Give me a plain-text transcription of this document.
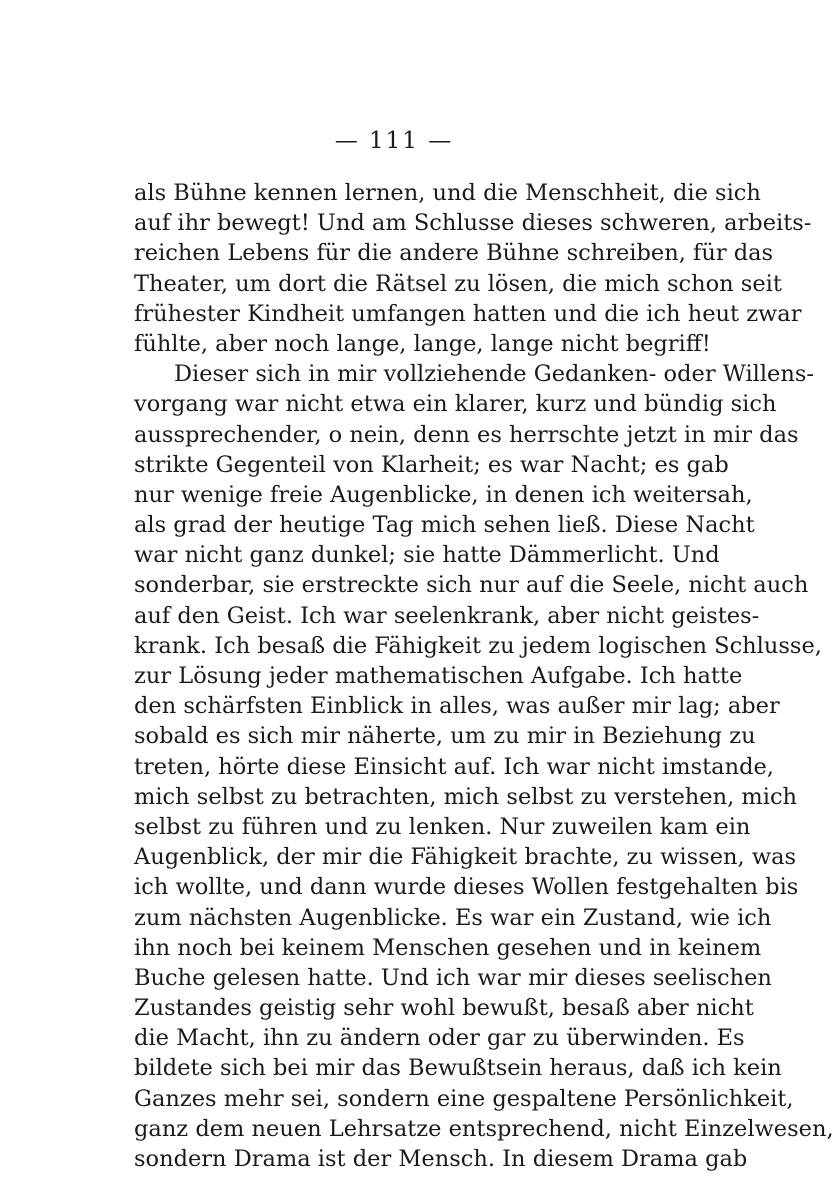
— 111 —
als Bühne kennen lernen, und die Menschheit, die sich
auf ihr bewegt! Und am Schlusse dieses schweren, arbeits-
reichen Lebens für die andere Bühne schreiben, für das
Theater, um dort die Rätsel zu lösen, die mich schon seit
frühester Kindheit umfangen hatten und die ich heut zwar
fühlte, aber noch lange, lange, lange nicht begriff!
Dieser sich in mir vollziehende Gedanken- oder Willens-
vorgang war nicht etwa ein klarer, kurz und bündig sich
aussprechender, o nein, denn es herrschte jetzt in mir das
strikte Gegenteil von Klarheit; es war Nacht; es gab
nur wenige freie Augenblicke, in denen ich weitersah,
als grad der heutige Tag mich sehen ließ. Diese Nacht
war nicht ganz dunkel; sie hatte Dämmerlicht. Und
sonderbar, sie erstreckte sich nur auf die Seele, nicht auch
auf den Geist. Ich war seelenkrank, aber nicht geistes-
krank. Ich besaß die Fähigkeit zu jedem logischen Schlusse,
zur Lösung jeder mathematischen Aufgabe. Ich hatte
den schärfsten Einblick in alles, was außer mir lag; aber
sobald es sich mir näherte, um zu mir in Beziehung zu
treten, hörte diese Einsicht auf. Ich war nicht imstande,
mich selbst zu betrachten, mich selbst zu verstehen, mich
selbst zu führen und zu lenken. Nur zuweilen kam ein
Augenblick, der mir die Fähigkeit brachte, zu wissen, was
ich wollte, und dann wurde dieses Wollen festgehalten bis
zum nächsten Augenblicke. Es war ein Zustand, wie ich
ihn noch bei keinem Menschen gesehen und in keinem
Buche gelesen hatte. Und ich war mir dieses seelischen
Zustandes geistig sehr wohl bewußt, besaß aber nicht
die Macht, ihn zu ändern oder gar zu überwinden. Es
bildete sich bei mir das Bewußtsein heraus, daß ich kein
Ganzes mehr sei, sondern eine gespaltene Persönlichkeit,
ganz dem neuen Lehrsatze entsprechend, nicht Einzelwesen,
sondern Drama ist der Mensch. In diesem Drama gab
